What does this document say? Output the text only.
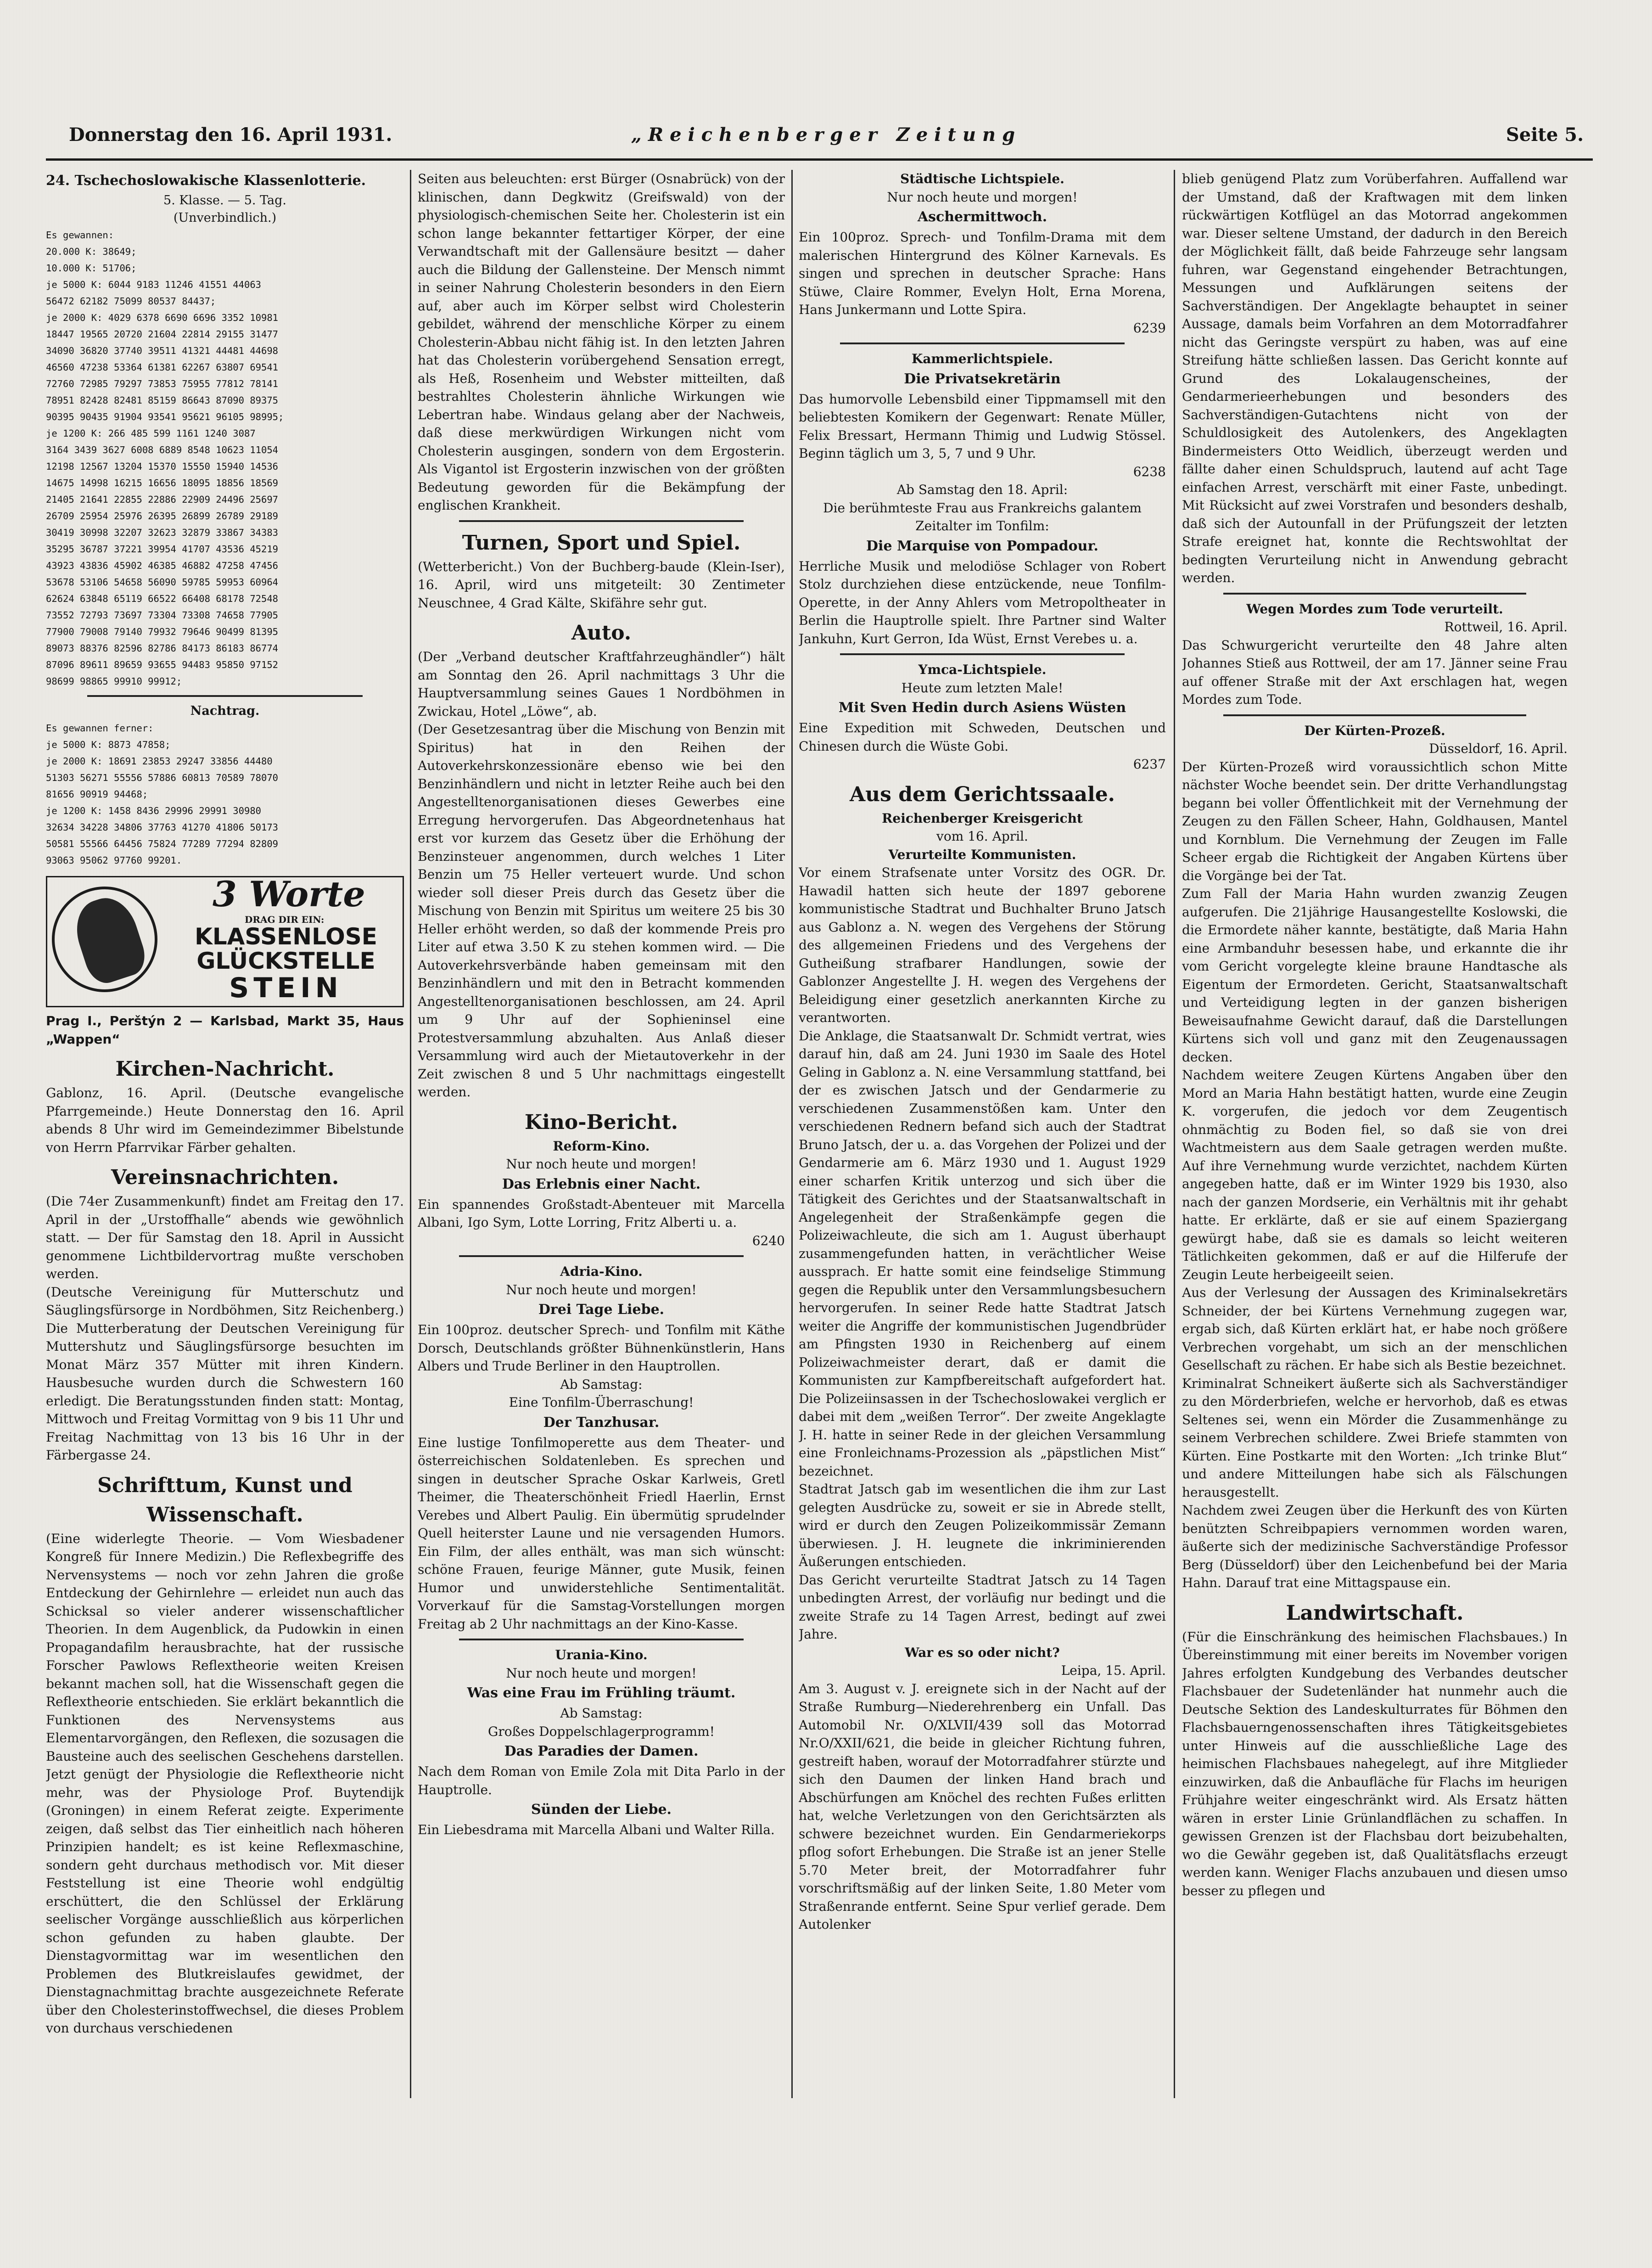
Donnerstag den 16. April 1931.	„Reichenberger Zeitung	Seite 5.
24. Tschechoslowakische Klassenlotterie.

5. Klasse. — 5. Tag.

(Unverbindlich.)

Es gewannen:

20.000 K: 38649;

10.000 K: 51706;

je 5000 K: 6044 9183 11246 41551 44063

56472 62182 75099 80537 84437;

je 2000 K: 4029 6378 6690 6696 3352 10981

18447 19565 20720 21604 22814 29155 31477

34090 36820 37740 39511 41321 44481 44698

46560 47238 53364 61381 62267 63807 69541

72760 72985 79297 73853 75955 77812 78141

78951 82428 82481 85159 86643 87090 89375

90395 90435 91904 93541 95621 96105 98995;

je 1200 K: 266 485 599 1161 1240 3087

3164 3439 3627 6008 6889 8548 10623 11054

12198 12567 13204 15370 15550 15940 14536

14675 14998 16215 16656 18095 18856 18569

21405 21641 22855 22886 22909 24496 25697

26709 25954 25976 26395 26899 26789 29189

30419 30998 32207 32623 32879 33867 34383

35295 36787 37221 39954 41707 43536 45219

43923 43836 45902 46385 46882 47258 47456

53678 53106 54658 56090 59785 59953 60964

62624 63848 65119 66522 66408 68178 72548

73552 72793 73697 73304 73308 74658 77905

77900 79008 79140 79932 79646 90499 81395

89073 88376 82596 82786 84173 86183 86774

87096 89611 89659 93655 94483 95850 97152

98699 98865 99910 99912;

Nachtrag.

Es gewannen ferner:

je 5000 K: 8873 47858;

je 2000 K: 18691 23853 29247 33856 44480

51303 56271 55556 57886 60813 70589 78070

81656 90919 94468;

je 1200 K: 1458 8436 29996 29991 30980

32634 34228 34806 37763 41270 41806 50173

50581 55566 64456 75824 77289 77294 82809

93063 95062 97760 99201.

3 Worte
DRAG DIR EIN:
KLASSENLOSE
GLÜCKSTELLE
STEIN

Prag I., Perštýn 2 — Karlsbad, Markt 35, Haus „Wappen“

Kirchen-Nachricht.

Gablonz, 16. April. (Deutsche evangelische Pfarrgemeinde.) Heute Donnerstag den 16. April abends 8 Uhr wird im Gemeindezimmer Bibelstunde von Herrn Pfarrvikar Färber gehalten.

Vereinsnachrichten.

(Die 74er Zusammenkunft) findet am Freitag den 17. April in der „Urstoffhalle“ abends wie gewöhnlich statt. — Der für Samstag den 18. April in Aussicht genommene Lichtbildervortrag mußte verschoben werden.

(Deutsche Vereinigung für Mutterschutz und Säuglingsfürsorge in Nordböhmen, Sitz Reichenberg.) Die Mutterberatung der Deutschen Vereinigung für Muttershutz und Säuglingsfürsorge besuchten im Monat März 357 Mütter mit ihren Kindern. Hausbesuche wurden durch die Schwestern 160 erledigt. Die Beratungsstunden finden statt: Montag, Mittwoch und Freitag Vormittag von 9 bis 11 Uhr und Freitag Nachmittag von 13 bis 16 Uhr in der Färbergasse 24.

Schrifttum, Kunst und Wissenschaft.

(Eine widerlegte Theorie. — Vom Wiesbadener Kongreß für Innere Medizin.) Die Reflexbegriffe des Nervensystems — noch vor zehn Jahren die große Entdeckung der Gehirnlehre — erleidet nun auch das Schicksal so vieler anderer wissenschaftlicher Theorien. In dem Augenblick, da Pudowkin in einen Propagandafilm herausbrachte, hat der russische Forscher Pawlows Reflextheorie weiten Kreisen bekannt machen soll, hat die Wissenschaft gegen die Reflextheorie entschieden. Sie erklärt bekanntlich die Funktionen des Nervensystems aus Elementarvorgängen, den Reflexen, die sozusagen die Bausteine auch des seelischen Geschehens darstellen. Jetzt genügt der Physiologie die Reflextheorie nicht mehr, was der Physiologe Prof. Buytendijk (Groningen) in einem Referat zeigte. Experimente zeigen, daß selbst das Tier einheitlich nach höheren Prinzipien handelt; es ist keine Reflexmaschine, sondern geht durchaus methodisch vor. Mit dieser Feststellung ist eine Theorie wohl endgültig erschüttert, die den Schlüssel der Erklärung seelischer Vorgänge ausschließlich aus körperlichen schon gefunden zu haben glaubte. Der Dienstagvormittag war im wesentlichen den Problemen des Blutkreislaufes gewidmet, der Dienstagnachmittag brachte ausgezeichnete Referate über den Cholesterinstoffwechsel, die dieses Problem von durchaus verschiedenen

Seiten aus beleuchten: erst Bürger (Osnabrück) von der klinischen, dann Degkwitz (Greifswald) von der physiologisch-chemischen Seite her. Cholesterin ist ein schon lange bekannter fettartiger Körper, der eine Verwandtschaft mit der Gallensäure besitzt — daher auch die Bildung der Gallensteine. Der Mensch nimmt in seiner Nahrung Cholesterin besonders in den Eiern auf, aber auch im Körper selbst wird Cholesterin gebildet, während der menschliche Körper zu einem Cholesterin-Abbau nicht fähig ist. In den letzten Jahren hat das Cholesterin vorübergehend Sensation erregt, als Heß, Rosenheim und Webster mitteilten, daß bestrahltes Cholesterin ähnliche Wirkungen wie Lebertran habe. Windaus gelang aber der Nachweis, daß diese merkwürdigen Wirkungen nicht vom Cholesterin ausgingen, sondern von dem Ergosterin. Als Vigantol ist Ergosterin inzwischen von der größten Bedeutung geworden für die Bekämpfung der englischen Krankheit.

Turnen, Sport und Spiel.

(Wetterbericht.) Von der Buchberg-baude (Klein-Iser), 16. April, wird uns mitgeteilt: 30 Zentimeter Neuschnee, 4 Grad Kälte, Skifähre sehr gut.

Auto.

(Der „Verband deutscher Kraftfahrzeughändler“) hält am Sonntag den 26. April nachmittags 3 Uhr die Hauptversammlung seines Gaues 1 Nordböhmen in Zwickau, Hotel „Löwe“, ab.

(Der Gesetzesantrag über die Mischung von Benzin mit Spiritus) hat in den Reihen der Autoverkehrskonzessionäre ebenso wie bei den Benzinhändlern und nicht in letzter Reihe auch bei den Angestelltenorganisationen dieses Gewerbes eine Erregung hervorgerufen. Das Abgeordnetenhaus hat erst vor kurzem das Gesetz über die Erhöhung der Benzinsteuer angenommen, durch welches 1 Liter Benzin um 75 Heller verteuert wurde. Und schon wieder soll dieser Preis durch das Gesetz über die Mischung von Benzin mit Spiritus um weitere 25 bis 30 Heller erhöht werden, so daß der kommende Preis pro Liter auf etwa 3.50 K zu stehen kommen wird. — Die Autoverkehrsverbände haben gemeinsam mit den Benzinhändlern und mit den in Betracht kommenden Angestelltenorganisationen beschlossen, am 24. April um 9 Uhr auf der Sophieninsel eine Protestversammlung abzuhalten. Aus Anlaß dieser Versammlung wird auch der Mietautoverkehr in der Zeit zwischen 8 und 5 Uhr nachmittags eingestellt werden.

Kino-Bericht.

Reform-Kino.

Nur noch heute und morgen!

Das Erlebnis einer Nacht.

Ein spannendes Großstadt-Abenteuer mit Marcella Albani, Igo Sym, Lotte Lorring, Fritz Alberti u. a.

6240

Adria-Kino.

Nur noch heute und morgen!

Drei Tage Liebe.

Ein 100proz. deutscher Sprech- und Tonfilm mit Käthe Dorsch, Deutschlands größter Bühnenkünstlerin, Hans Albers und Trude Berliner in den Hauptrollen.

Ab Samstag:

Eine Tonfilm-Überraschung!

Der Tanzhusar.

Eine lustige Tonfilmoperette aus dem Theater- und österreichischen Soldatenleben. Es sprechen und singen in deutscher Sprache Oskar Karlweis, Gretl Theimer, die Theaterschönheit Friedl Haerlin, Ernst Verebes und Albert Paulig. Ein übermütig sprudelnder Quell heiterster Laune und nie versagenden Humors. Ein Film, der alles enthält, was man sich wünscht: schöne Frauen, feurige Männer, gute Musik, feinen Humor und unwiderstehliche Sentimentalität. Vorverkauf für die Samstag-Vorstellungen morgen Freitag ab 2 Uhr nachmittags an der Kino-Kasse.

Urania-Kino.

Nur noch heute und morgen!

Was eine Frau im Frühling träumt.

Ab Samstag:

Großes Doppelschlagerprogramm!

Das Paradies der Damen.

Nach dem Roman von Emile Zola mit Dita Parlo in der Hauptrolle.

Sünden der Liebe.

Ein Liebesdrama mit Marcella Albani und Walter Rilla.

Städtische Lichtspiele.

Nur noch heute und morgen!

Aschermittwoch.

Ein 100proz. Sprech- und Tonfilm-Drama mit dem malerischen Hintergrund des Kölner Karnevals. Es singen und sprechen in deutscher Sprache: Hans Stüwe, Claire Rommer, Evelyn Holt, Erna Morena, Hans Junkermann und Lotte Spira.

6239

Kammerlichtspiele.

Die Privatsekretärin

Das humorvolle Lebensbild einer Tippmamsell mit den beliebtesten Komikern der Gegenwart: Renate Müller, Felix Bressart, Hermann Thimig und Ludwig Stössel. Beginn täglich um 3, 5, 7 und 9 Uhr.

6238

Ab Samstag den 18. April:

Die berühmteste Frau aus Frankreichs galantem Zeitalter im Tonfilm:

Die Marquise von Pompadour.

Herrliche Musik und melodiöse Schlager von Robert Stolz durchziehen diese entzückende, neue Tonfilm-Operette, in der Anny Ahlers vom Metropoltheater in Berlin die Hauptrolle spielt. Ihre Partner sind Walter Jankuhn, Kurt Gerron, Ida Wüst, Ernst Verebes u. a.

Ymca-Lichtspiele.

Heute zum letzten Male!

Mit Sven Hedin durch Asiens Wüsten

Eine Expedition mit Schweden, Deutschen und Chinesen durch die Wüste Gobi.

6237

Aus dem Gerichtssaale.

Reichenberger Kreisgericht

vom 16. April.

Verurteilte Kommunisten.

Vor einem Strafsenate unter Vorsitz des OGR. Dr. Hawadil hatten sich heute der 1897 geborene kommunistische Stadtrat und Buchhalter Bruno Jatsch aus Gablonz a. N. wegen des Vergehens der Störung des allgemeinen Friedens und des Vergehens der Gutheißung strafbarer Handlungen, sowie der Gablonzer Angestellte J. H. wegen des Vergehens der Beleidigung einer gesetzlich anerkannten Kirche zu verantworten.

Die Anklage, die Staatsanwalt Dr. Schmidt vertrat, wies darauf hin, daß am 24. Juni 1930 im Saale des Hotel Geling in Gablonz a. N. eine Versammlung stattfand, bei der es zwischen Jatsch und der Gendarmerie zu verschiedenen Zusammenstößen kam. Unter den verschiedenen Rednern befand sich auch der Stadtrat Bruno Jatsch, der u. a. das Vorgehen der Polizei und der Gendarmerie am 6. März 1930 und 1. August 1929 einer scharfen Kritik unterzog und sich über die Tätigkeit des Gerichtes und der Staatsanwaltschaft in Angelegenheit der Straßenkämpfe gegen die Polizeiwachleute, die sich am 1. August überhaupt zusammengefunden hatten, in verächtlicher Weise aussprach. Er hatte somit eine feindselige Stimmung gegen die Republik unter den Versammlungsbesuchern hervorgerufen. In seiner Rede hatte Stadtrat Jatsch weiter die Angriffe der kommunistischen Jugendbrüder am Pfingsten 1930 in Reichenberg auf einem Polizeiwachmeister derart, daß er damit die Kommunisten zur Kampfbereitschaft aufgefordert hat. Die Polizeiinsassen in der Tschechoslowakei verglich er dabei mit dem „weißen Terror“. Der zweite Angeklagte J. H. hatte in seiner Rede in der gleichen Versammlung eine Fronleichnams-Prozession als „päpstlichen Mist“ bezeichnet.

Stadtrat Jatsch gab im wesentlichen die ihm zur Last gelegten Ausdrücke zu, soweit er sie in Abrede stellt, wird er durch den Zeugen Polizeikommissär Zemann überwiesen. J. H. leugnete die inkriminierenden Äußerungen entschieden.

Das Gericht verurteilte Stadtrat Jatsch zu 14 Tagen unbedingten Arrest, der vorläufig nur bedingt und die zweite Strafe zu 14 Tagen Arrest, bedingt auf zwei Jahre.

War es so oder nicht?

Leipa, 15. April.

Am 3. August v. J. ereignete sich in der Nacht auf der Straße Rumburg—Niederehrenberg ein Unfall. Das Automobil Nr. O/XLVII/439 soll das Motorrad Nr.O/XXII/621, die beide in gleicher Richtung fuhren, gestreift haben, worauf der Motorradfahrer stürzte und sich den Daumen der linken Hand brach und Abschürfungen am Knöchel des rechten Fußes erlitten hat, welche Verletzungen von den Gerichtsärzten als schwere bezeichnet wurden. Ein Gendarmeriekorps pflog sofort Erhebungen. Die Straße ist an jener Stelle 5.70 Meter breit, der Motorradfahrer fuhr vorschriftsmäßig auf der linken Seite, 1.80 Meter vom Straßenrande entfernt. Seine Spur verlief gerade. Dem Autolenker

blieb genügend Platz zum Vorüberfahren. Auffallend war der Umstand, daß der Kraftwagen mit dem linken rückwärtigen Kotflügel an das Motorrad angekommen war. Dieser seltene Umstand, der dadurch in den Bereich der Möglichkeit fällt, daß beide Fahrzeuge sehr langsam fuhren, war Gegenstand eingehender Betrachtungen, Messungen und Aufklärungen seitens der Sachverständigen. Der Angeklagte behauptet in seiner Aussage, damals beim Vorfahren an dem Motorradfahrer nicht das Geringste verspürt zu haben, was auf eine Streifung hätte schließen lassen. Das Gericht konnte auf Grund des Lokalaugenscheines, der Gendarmerieerhebungen und besonders des Sachverständigen-Gutachtens nicht von der Schuldlosigkeit des Autolenkers, des Angeklagten Bindermeisters Otto Weidlich, überzeugt werden und fällte daher einen Schuldspruch, lautend auf acht Tage einfachen Arrest, verschärft mit einer Faste, unbedingt. Mit Rücksicht auf zwei Vorstrafen und besonders deshalb, daß sich der Autounfall in der Prüfungszeit der letzten Strafe ereignet hat, konnte die Rechtswohltat der bedingten Verurteilung nicht in Anwendung gebracht werden.

Wegen Mordes zum Tode verurteilt.

Rottweil, 16. April.

Das Schwurgericht verurteilte den 48 Jahre alten Johannes Stieß aus Rottweil, der am 17. Jänner seine Frau auf offener Straße mit der Axt erschlagen hat, wegen Mordes zum Tode.

Der Kürten-Prozeß.

Düsseldorf, 16. April.

Der Kürten-Prozeß wird voraussichtlich schon Mitte nächster Woche beendet sein. Der dritte Verhandlungstag begann bei voller Öffentlichkeit mit der Vernehmung der Zeugen zu den Fällen Scheer, Hahn, Goldhausen, Mantel und Kornblum. Die Vernehmung der Zeugen im Falle Scheer ergab die Richtigkeit der Angaben Kürtens über die Vorgänge bei der Tat.

Zum Fall der Maria Hahn wurden zwanzig Zeugen aufgerufen. Die 21jährige Hausangestellte Koslowski, die die Ermordete näher kannte, bestätigte, daß Maria Hahn eine Armbanduhr besessen habe, und erkannte die ihr vom Gericht vorgelegte kleine braune Handtasche als Eigentum der Ermordeten. Gericht, Staatsanwaltschaft und Verteidigung legten in der ganzen bisherigen Beweisaufnahme Gewicht darauf, daß die Darstellungen Kürtens sich voll und ganz mit den Zeugenaussagen decken.

Nachdem weitere Zeugen Kürtens Angaben über den Mord an Maria Hahn bestätigt hatten, wurde eine Zeugin K. vorgerufen, die jedoch vor dem Zeugentisch ohnmächtig zu Boden fiel, so daß sie von drei Wachtmeistern aus dem Saale getragen werden mußte. Auf ihre Vernehmung wurde verzichtet, nachdem Kürten angegeben hatte, daß er im Winter 1929 bis 1930, also nach der ganzen Mordserie, ein Verhältnis mit ihr gehabt hatte. Er erklärte, daß er sie auf einem Spaziergang gewürgt habe, daß sie es damals so leicht weiteren Tätlichkeiten gekommen, daß er auf die Hilferufe der Zeugin Leute herbeigeeilt seien.

Aus der Verlesung der Aussagen des Kriminalsekretärs Schneider, der bei Kürtens Vernehmung zugegen war, ergab sich, daß Kürten erklärt hat, er habe noch größere Verbrechen vorgehabt, um sich an der menschlichen Gesellschaft zu rächen. Er habe sich als Bestie bezeichnet.

Kriminalrat Schneikert äußerte sich als Sachverständiger zu den Mörderbriefen, welche er hervorhob, daß es etwas Seltenes sei, wenn ein Mörder die Zusammenhänge zu seinem Verbrechen schildere. Zwei Briefe stammten von Kürten. Eine Postkarte mit den Worten: „Ich trinke Blut“ und andere Mitteilungen habe sich als Fälschungen herausgestellt.

Nachdem zwei Zeugen über die Herkunft des von Kürten benützten Schreibpapiers vernommen worden waren, äußerte sich der medizinische Sachverständige Professor Berg (Düsseldorf) über den Leichenbefund bei der Maria Hahn. Darauf trat eine Mittagspause ein.

Landwirtschaft.

(Für die Einschränkung des heimischen Flachsbaues.) In Übereinstimmung mit einer bereits im November vorigen Jahres erfolgten Kundgebung des Verbandes deutscher Flachsbauer der Sudetenländer hat nunmehr auch die Deutsche Sektion des Landeskulturrates für Böhmen den Flachsbauerngenossenschaften ihres Tätigkeitsgebietes unter Hinweis auf die ausschließliche Lage des heimischen Flachsbaues nahegelegt, auf ihre Mitglieder einzuwirken, daß die Anbaufläche für Flachs im heurigen Frühjahre weiter eingeschränkt wird. Als Ersatz hätten wären in erster Linie Grünlandflächen zu schaffen. In gewissen Grenzen ist der Flachsbau dort beizubehalten, wo die Gewähr gegeben ist, daß Qualitätsflachs erzeugt werden kann. Weniger Flachs anzubauen und diesen umso besser zu pflegen und
